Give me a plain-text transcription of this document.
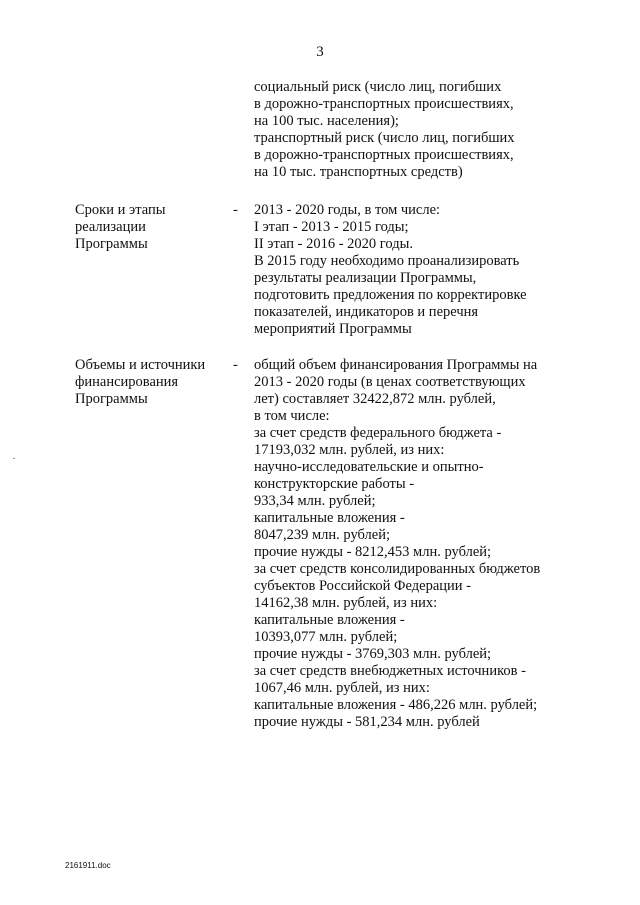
3
социальный риск (число лиц, погибших
в дорожно-транспортных происшествиях,
на 100 тыс. населения);
транспортный риск (число лиц, погибших
в дорожно-транспортных происшествиях,
на 10 тыс. транспортных средств)
Сроки и этапы
реализации
Программы
- 2013 - 2020 годы, в том числе:
I этап - 2013 - 2015 годы;
II этап - 2016 - 2020 годы.
В 2015 году необходимо проанализировать
результаты реализации Программы,
подготовить предложения по корректировке
показателей, индикаторов и перечня
мероприятий Программы
Объемы и источники
финансирования
Программы
- общий объем финансирования Программы на
2013 - 2020 годы (в ценах соответствующих
лет) составляет 32422,872 млн. рублей,
в том числе:
за счет средств федерального бюджета -
17193,032 млн. рублей, из них:
научно-исследовательские и опытно-
конструкторские работы -
933,34 млн. рублей;
капитальные вложения -
8047,239 млн. рублей;
прочие нужды - 8212,453 млн. рублей;
за счет средств консолидированных бюджетов
субъектов Российской Федерации -
14162,38 млн. рублей, из них:
капитальные вложения -
10393,077 млн. рублей;
прочие нужды - 3769,303 млн. рублей;
за счет средств внебюджетных источников -
1067,46 млн. рублей, из них:
капитальные вложения - 486,226 млн. рублей;
прочие нужды - 581,234 млн. рублей
2161911.doc
